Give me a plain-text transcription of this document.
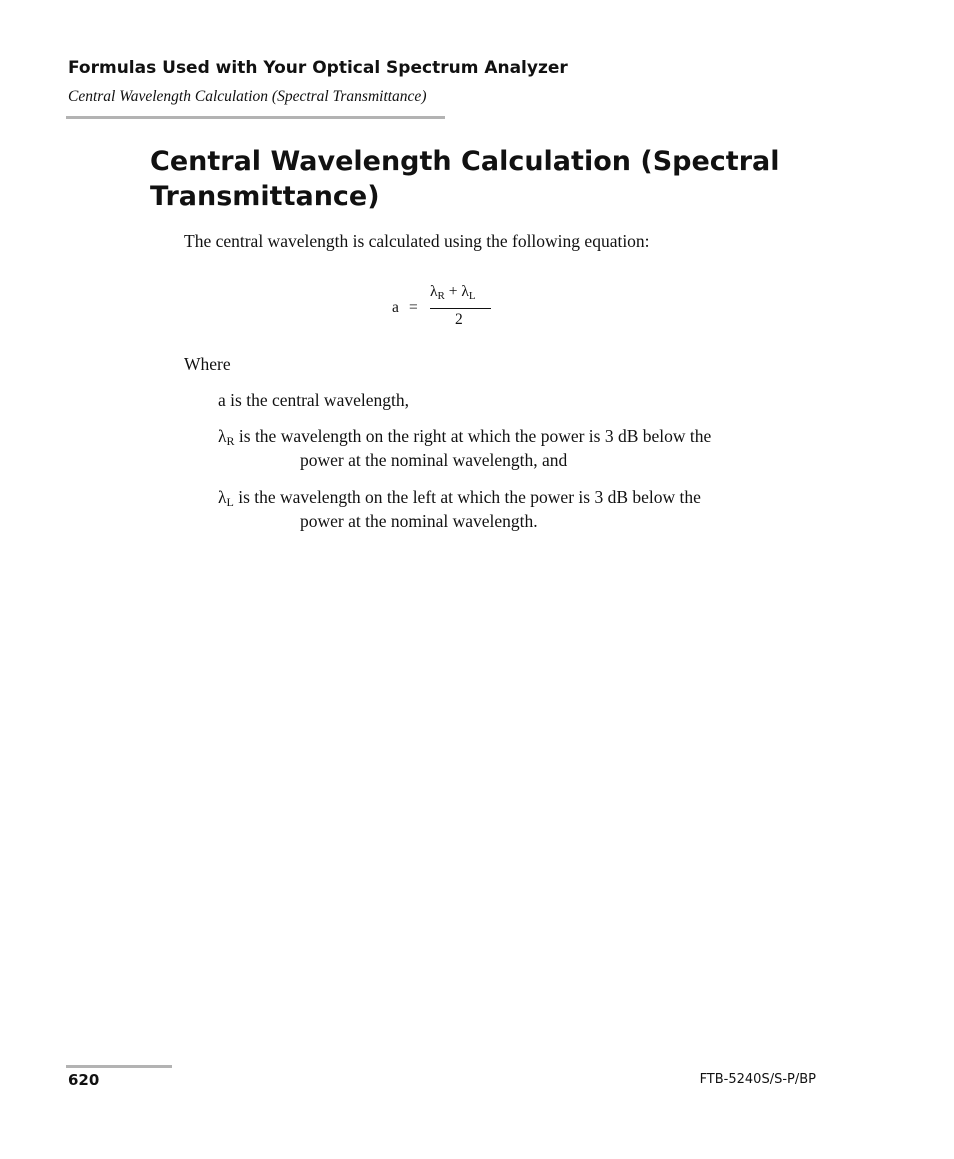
Formulas Used with Your Optical Spectrum Analyzer
Central Wavelength Calculation (Spectral Transmittance)
Central Wavelength Calculation (Spectral Transmittance)
The central wavelength is calculated using the following equation:
a =
$\lambda_R + \lambda_L$
2
Where
a is the central wavelength,
$\lambda_R$ is the wavelength on the right at which the power is 3 dB below the
power at the nominal wavelength, and
$\lambda_L$ is the wavelength on the left at which the power is 3 dB below the
power at the nominal wavelength.
620	FTB-5240S/S-P/BP
